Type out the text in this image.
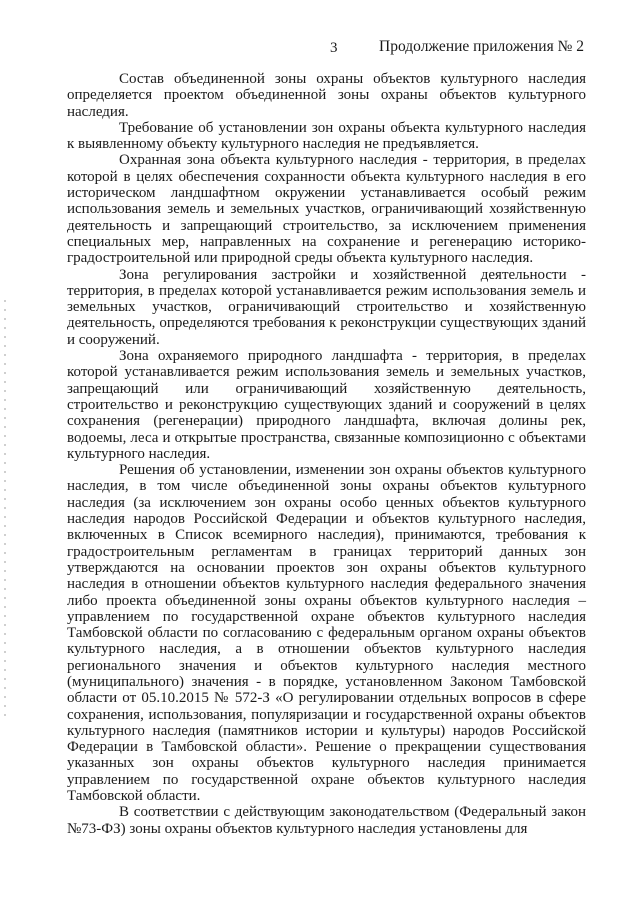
3	Продолжение приложения № 2

Состав объединенной зоны охраны объектов культурного наследия определяется проектом объединенной зоны охраны объектов культурного наследия.

Требование об установлении зон охраны объекта культурного наследия к выявленному объекту культурного наследия не предъявляется.

Охранная зона объекта культурного наследия - территория, в пределах которой в целях обеспечения сохранности объекта культурного наследия в его историческом ландшафтном окружении устанавливается особый режим использования земель и земельных участков, ограничивающий хозяйственную деятельность и запрещающий строительство, за исключением применения специальных мер, направленных на сохранение и регенерацию историко-градостроительной или природной среды объекта культурного наследия.

Зона регулирования застройки и хозяйственной деятельности - территория, в пределах которой устанавливается режим использования земель и земельных участков, ограничивающий строительство и хозяйственную деятельность, определяются требования к реконструкции существующих зданий и сооружений.

Зона охраняемого природного ландшафта - территория, в пределах которой устанавливается режим использования земель и земельных участков, запрещающий или ограничивающий хозяйственную деятельность, строительство и реконструкцию существующих зданий и сооружений в целях сохранения (регенерации) природного ландшафта, включая долины рек, водоемы, леса и открытые пространства, связанные композиционно с объектами культурного наследия.

Решения об установлении, изменении зон охраны объектов культурного наследия, в том числе объединенной зоны охраны объектов культурного наследия (за исключением зон охраны особо ценных объектов культурного наследия народов Российской Федерации и объектов культурного наследия, включенных в Список всемирного наследия), принимаются, требования к градостроительным регламентам в границах территорий данных зон утверждаются на основании проектов зон охраны объектов культурного наследия в отношении объектов культурного наследия федерального значения либо проекта объединенной зоны охраны объектов культурного наследия – управлением по государственной охране объектов культурного наследия Тамбовской области по согласованию с федеральным органом охраны объектов культурного наследия, а в отношении объектов культурного наследия регионального значения и объектов культурного наследия местного (муниципального) значения - в порядке, установленном Законом Тамбовской области от 05.10.2015 № 572-З «О регулировании отдельных вопросов в сфере сохранения, использования, популяризации и государственной охраны объектов культурного наследия (памятников истории и культуры) народов Российской Федерации в Тамбовской области». Решение о прекращении существования указанных зон охраны объектов культурного наследия принимается управлением по государственной охране объектов культурного наследия Тамбовской области.

В соответствии с действующим законодательством (Федеральный закон №73-ФЗ) зоны охраны объектов культурного наследия установлены для
